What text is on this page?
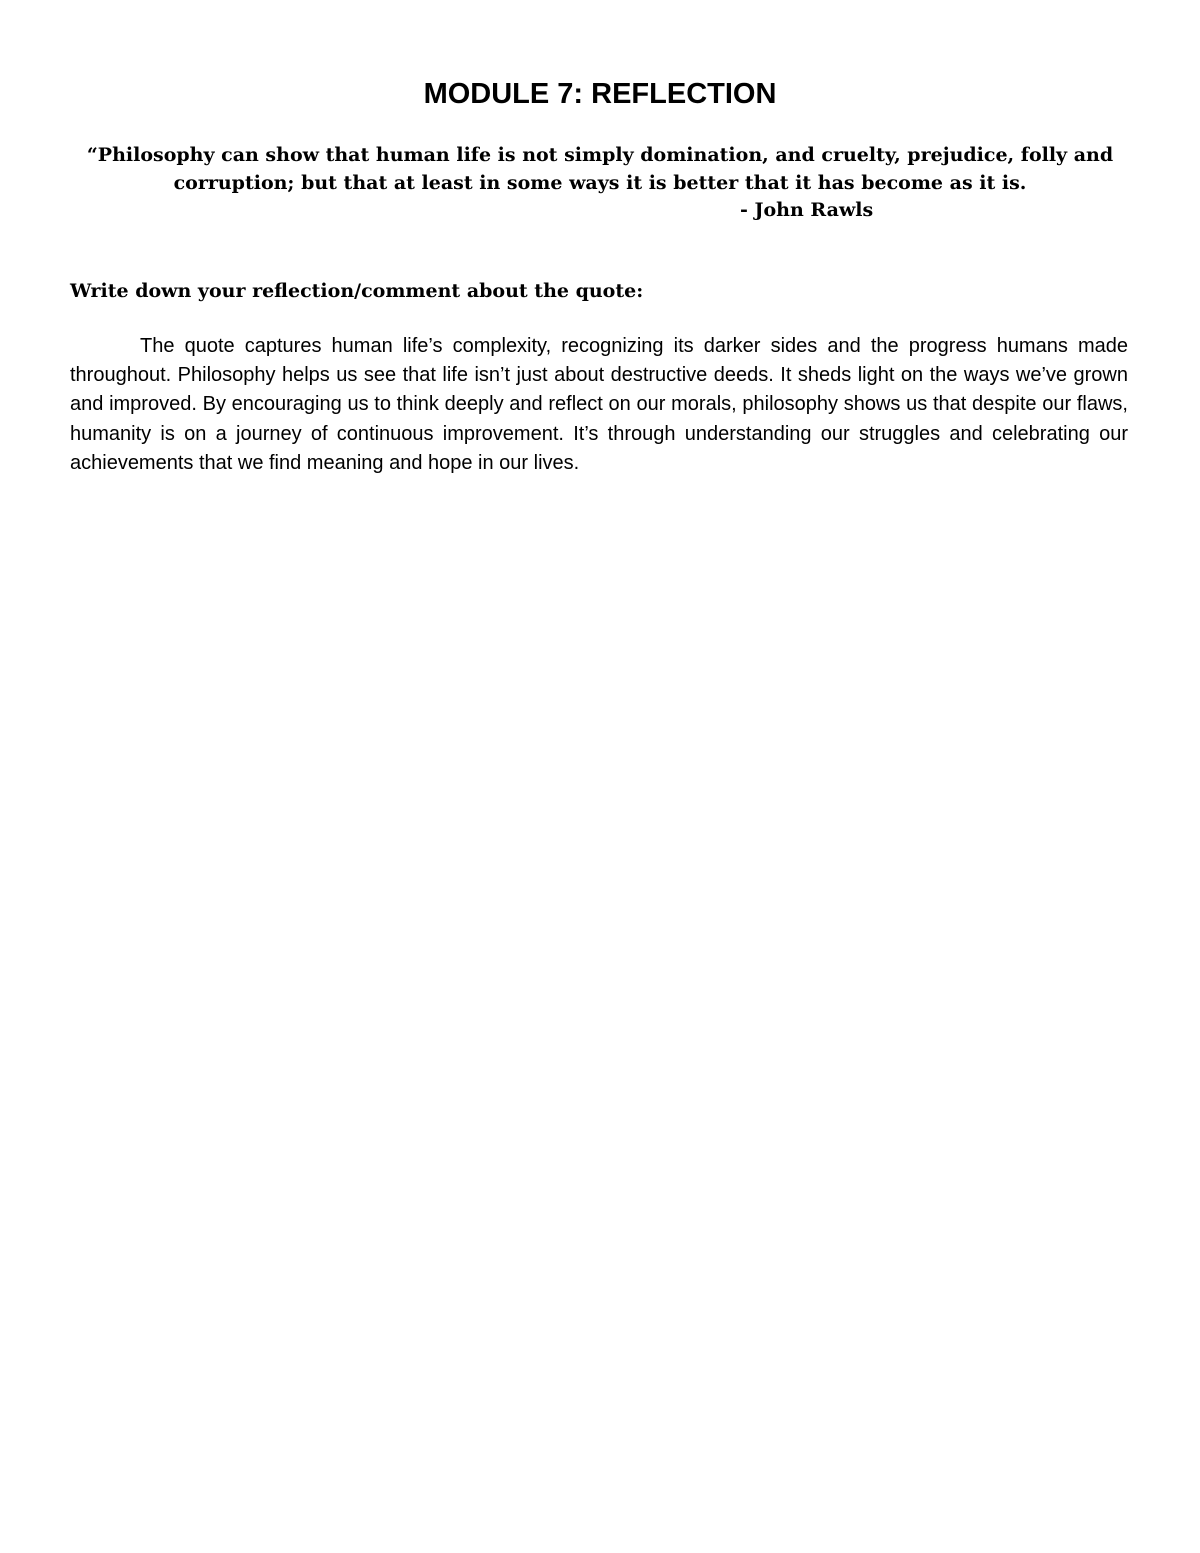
MODULE 7: REFLECTION
“Philosophy can show that human life is not simply domination, and cruelty, prejudice, folly and
corruption; but that at least in some ways it is better that it has become as it is.
- John Rawls

Write down your reflection/comment about the quote:

The quote captures human life’s complexity, recognizing its darker sides and the progress humans made throughout. Philosophy helps us see that life isn’t just about destructive deeds. It sheds light on the ways we’ve grown and improved. By encouraging us to think deeply and reflect on our morals, philosophy shows us that despite our flaws, humanity is on a journey of continuous improvement. It’s through understanding our struggles and celebrating our achievements that we find meaning and hope in our lives.
